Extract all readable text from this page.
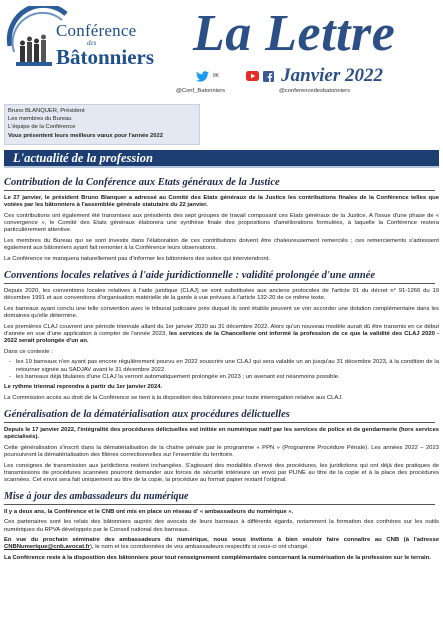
Conférence
des
Bâtonniers La Lettre
8K	Janvier 2022
@Conf_Batonniers	@conferencedesbatonniers
Bruno BLANQUER, Président
Les membres du Bureau
L'équipe de la Conférence
Vous présentent leurs meilleurs vœux pour l'année 2022
L'actualité de la profession
Contribution de la Conférence aux Etats généraux de la Justice

Le 27 janvier, le président Bruno Blanquer a adressé au Comité des Etats généraux de la Justice les contributions finales de la Conférence telles que votées par les bâtonniers à l'assemblée générale statutaire du 22 janvier.

Ces contributions ont également été transmises aux présidents des sept groupes de travail composant ces Etats généraux de la Justice. A l'issue d'une phase de « convergence », le Comité des Etats généraux élaborera une synthèse finale des propositions d'améliorations formulées, à laquelle la Conférence restera particulièrement attentive.

Les membres du Bureau qui se sont investis dans l'élaboration de ces contributions doivent être chaleureusement remerciés ; ces remerciements s'adressent également aux bâtonniers ayant fait remonter à la Conférence leurs observations.

La Conférence ne manquera naturellement pas d'informer les bâtonniers des suites qui interviendront.

Conventions locales relatives à l'aide juridictionnelle : validité prolongée d'une année

Depuis 2020, les conventions locales relatives à l'aide juridique (CLAJ) se sont substituées aux anciens protocoles de l'article 91 du décret n° 91-1266 du 19 décembre 1991 et aux conventions d'organisation matérielle de la garde à vue prévues à l'article 132-20 de ce même texte.

Les barreaux ayant conclu une telle convention avec le tribunal judiciaire près duquel ils sont établis peuvent se voir accorder une dotation complémentaire dans les domaines qu'elle détermine.

Les premières CLAJ couvrent une période triennale allant du 1er janvier 2020 au 31 décembre 2022. Alors qu'un nouveau modèle aurait dû être transmis en ce début d'année en vue d'une application à compter de l'année 2023, les services de la Chancellerie ont informé la profession de ce que la validité des CLAJ 2020 - 2022 serait prolongée d'un an.

Dans ce contexte :

- les 19 barreaux n'en ayant pas encore régulièrement pourvu en 2022 souscrire une CLAJ qui sera valable un an jusqu'au 31 décembre 2023, à la condition de la retourner signée au SADJAV avant le 31 décembre 2022.
- les barreaux déjà titulaires d'une CLAJ la verront automatiquement prolongée en 2023 ; un avenant est néanmoins possible.

Le rythme triennal reprendra à partir du 1er janvier 2024.

La Commission accès au droit de la Conférence se tient à la disposition des bâtonniers pour toute interrogation relative aux CLAJ.

Généralisation de la dématérialisation aux procédures délictuelles

Depuis le 17 janvier 2022, l'intégralité des procédures délictuelles est initiée en numérique natif par les services de police et de gendarmerie (hors services spécialisés).

Cette généralisation s'inscrit dans la dématérialisation de la chaîne pénale par le programme « PPN » (Programme Procédure Pénale). Les années 2022 – 2023 poursuivront la dématérialisation des filières correctionnelles sur l'ensemble du territoire.

Les consignes de transmission aux juridictions restent inchangées. S'agissant des modalités d'envoi des procédures, les juridictions qui ont déjà des pratiques de transmissions de procédures scannées pourront demander aux forces de sécurité intérieure un envoi par PLINE au titre de la copie et à la place des procédures scannées. Cet envoi sera fait uniquement au titre de la copie, la procédure au format papier restant l'original.

Mise à jour des ambassadeurs du numérique

Il y a deux ans, la Conférence et le CNB ont mis en place un réseau d' « ambassadeurs du numérique ».

Ces partenaires sont les relais des bâtonniers auprès des avocats de leurs barreaux à différents égards, notamment la formation des confrères sur les outils numériques du RPVA développés par le Conseil national des barreaux.

En vue du prochain séminaire des ambassadeurs du numérique, nous vous invitons à bien vouloir faire connaître au CNB (à l'adresse CNBNumerique@cnb.avocat.fr), le nom et les coordonnées de vos ambassadeurs respectifs si ceux-ci ont changé.

La Conférence reste à la disposition des bâtonniers pour tout renseignement complémentaire concernant la numérisation de la profession sur le terrain.
